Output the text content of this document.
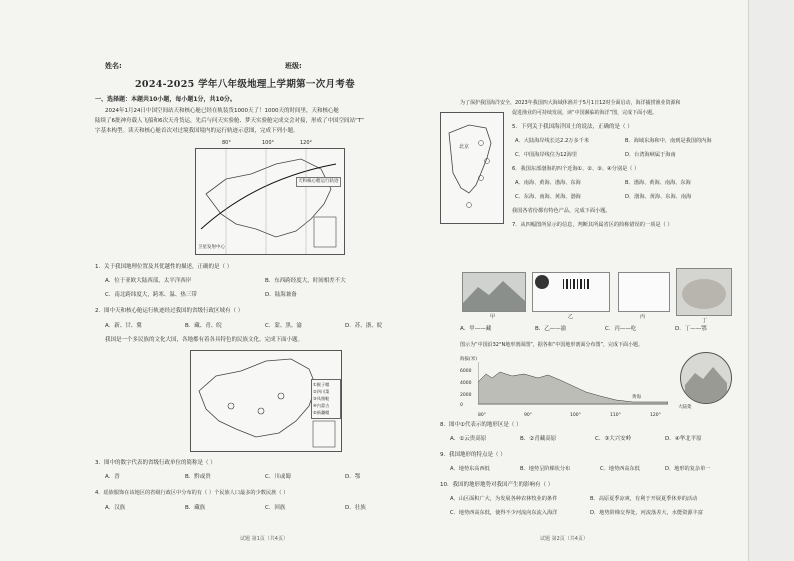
姓名:	班级:
2024-2025 学年八年级地理上学期第一次月考卷
一、选择题：本题共10小题，每小题1分，共10分。
2024年1月24日中国空间站天和核心舱已经在轨装货1000天了！1000天的时间里，天和核心舱
陆续了6批神舟载人飞船和6次天舟货运，先后与问天实验舱、梦天实验舱完成交会对接，形成了中国空间站“T”
字基本构型。读天和核心舱首次对过境我国境内的运行轨迹示意图，完成下列小题。
80°	100°	120°
天和核心舱运行轨迹
卫星发射中心
1．关于我国地理位置及其优越性的描述，正确的是（ ）
A．位于亚欧大陆西部，太平洋西岸	B．东西跨经度大，时间相差不大
C．南北跨纬度大，跨寒、温、热三带	D．陆海兼备
2．图中天和核心舱运行轨迹经过我国的省级行政区域有（ ）
A．新、甘、冀	B．藏、青、皖	C．蒙、黑、渝	D．苏、浙、皖
我国是一个多民族的文化大国，各地都有着各具特色的民族文化。完成下面小题。
①猴子帽
②四川菜
③凤凰鞋
④内蒙古
⑤新疆帽
3．图中的数字代表的省级行政单位的简称是（ ）
A．晋	B．黔或贵	C．川或蜀	D．鄂
4．瑶族服饰在该地区的省级行政区中分布的有（ ）个民族人口最多的少数民族（ ）
A．汉族	B．藏族	C．回族	D．壮族
试题 第1页（共4页）
为了保护我国海洋安全，2023年我国四大海域休渔并于5月1日12时全面启动，海洋捕捞渔业资源和
促进渔业的可持续发展，读“中国濒临的海洋”图，完成下面小题。
北京
5．下列关于我国海洋国土的说法，正确的是（ ）
A．大陆海岸线长达2.2万多千米	B．海域东海和中，南到是我国的内海
C．中国海岸线位为12海里	D．台湾海峡属于海南
6．我国东部渤海的四个近海①、②、③、④分别是（ ）
A．南海、黄海、渤海、东海	B．渤海、黄海、南海、东海
C．东海、南海、黄海、渤海	D．渤海、黄海、东海、南海
我国各省份都有特色产品，完成下面小题。
7．从四幅图所显示的信息，判断其所属省区的简称错误的一项是（ ）
甲	乙	丙
丁
A．甲——藏	B．乙——渝	C．丙——吃	D．丁——鄂
图示为“中国沿32°N地形剖面图”，据各和“中国地形剖面分布图”，完成下面小题。
海拔(米)
6000
4000
2000
0
80°	90°	100°	110°	120°
黄海
大陆架
8．图中①代表示的地形区是（ ）
A．①云贵高原	B．②青藏高原	C．③大兴安岭	D．④华北平原
9．我国地形的特点是（ ）
A．地势东高西低	B．地势呈阶梯状分布	C．地势西高东低	D．地形的复杂单一
10．我国的地形地势对我国产生的影响有（ ）
A．山区面积广大，为发展各种农林牧业的条件	B．高原夏季凉爽，有利于开展夏季休养的活动
C．地势西高东低，使得不少河流向东流入海洋	D．地势阶梯交界处，河流落差大，水能资源丰富
试题 第2页（共4页）
